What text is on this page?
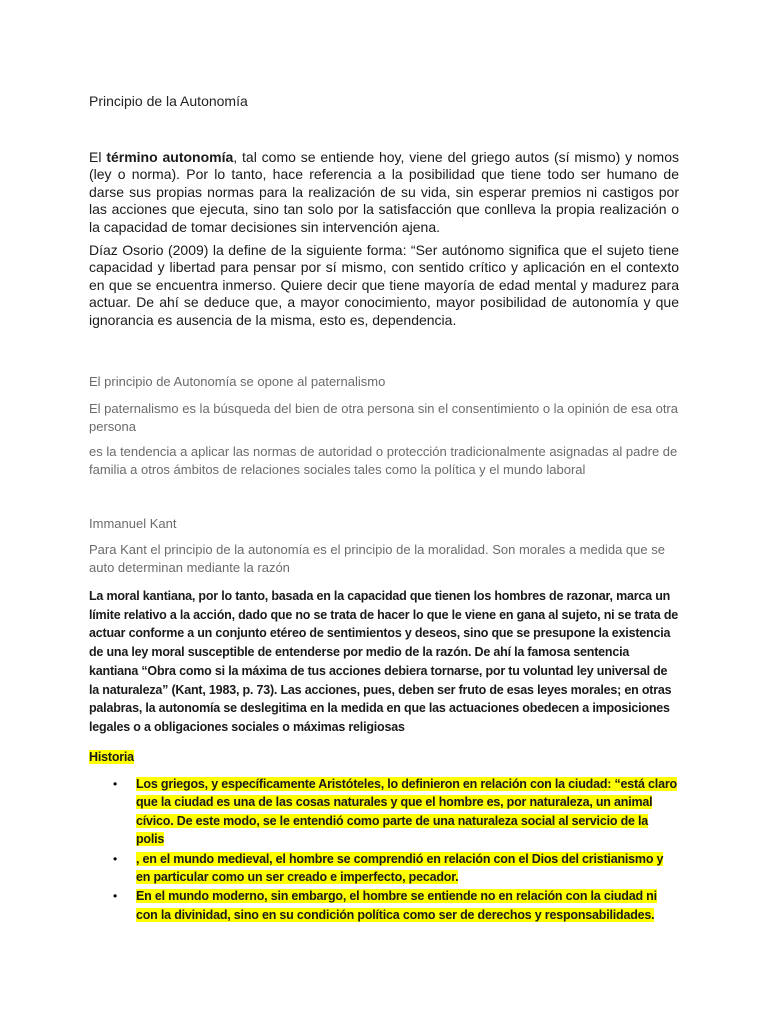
Principio de la Autonomía

El término autonomía, tal como se entiende hoy, viene del griego autos (sí mismo) y nomos (ley o norma). Por lo tanto, hace referencia a la posibilidad que tiene todo ser humano de darse sus propias normas para la realización de su vida, sin esperar premios ni castigos por las acciones que ejecuta, sino tan solo por la satisfacción que conlleva la propia realización o la capacidad de tomar decisiones sin intervención ajena.

Díaz Osorio (2009) la define de la siguiente forma: “Ser autónomo significa que el sujeto tiene capacidad y libertad para pensar por sí mismo, con sentido crítico y aplicación en el contexto en que se encuentra inmerso. Quiere decir que tiene mayoría de edad mental y madurez para actuar. De ahí se deduce que, a mayor conocimiento, mayor posibilidad de autonomía y que ignorancia es ausencia de la misma, esto es, dependencia.

El principio de Autonomía se opone al paternalismo

El paternalismo es la búsqueda del bien de otra persona sin el consentimiento o la opinión de esa otra persona

es la tendencia a aplicar las normas de autoridad o protección tradicionalmente asignadas al padre de familia a otros ámbitos de relaciones sociales tales como la política y el mundo laboral

Immanuel Kant

Para Kant el principio de la autonomía es el principio de la moralidad. Son morales a medida que se auto determinan mediante la razón

La moral kantiana, por lo tanto, basada en la capacidad que tienen los hombres de razonar, marca un límite relativo a la acción, dado que no se trata de hacer lo que le viene en gana al sujeto, ni se trata de actuar conforme a un conjunto etéreo de sentimientos y deseos, sino que se presupone la existencia de una ley moral susceptible de entenderse por medio de la razón. De ahí la famosa sentencia kantiana “Obra como si la máxima de tus acciones debiera tornarse, por tu voluntad ley universal de la naturaleza” (Kant, 1983, p. 73). Las acciones, pues, deben ser fruto de esas leyes morales; en otras palabras, la autonomía se deslegitima en la medida en que las actuaciones obedecen a imposiciones legales o a obligaciones sociales o máximas religiosas

Historia

• Los griegos, y específicamente Aristóteles, lo definieron en relación con la ciudad: “está claro que la ciudad es una de las cosas naturales y que el hombre es, por naturaleza, un animal cívico. De este modo, se le entendió como parte de una naturaleza social al servicio de la polis
• , en el mundo medieval, el hombre se comprendió en relación con el Dios del cristianismo y en particular como un ser creado e imperfecto, pecador.
• En el mundo moderno, sin embargo, el hombre se entiende no en relación con la ciudad ni con la divinidad, sino en su condición política como ser de derechos y responsabilidades.
